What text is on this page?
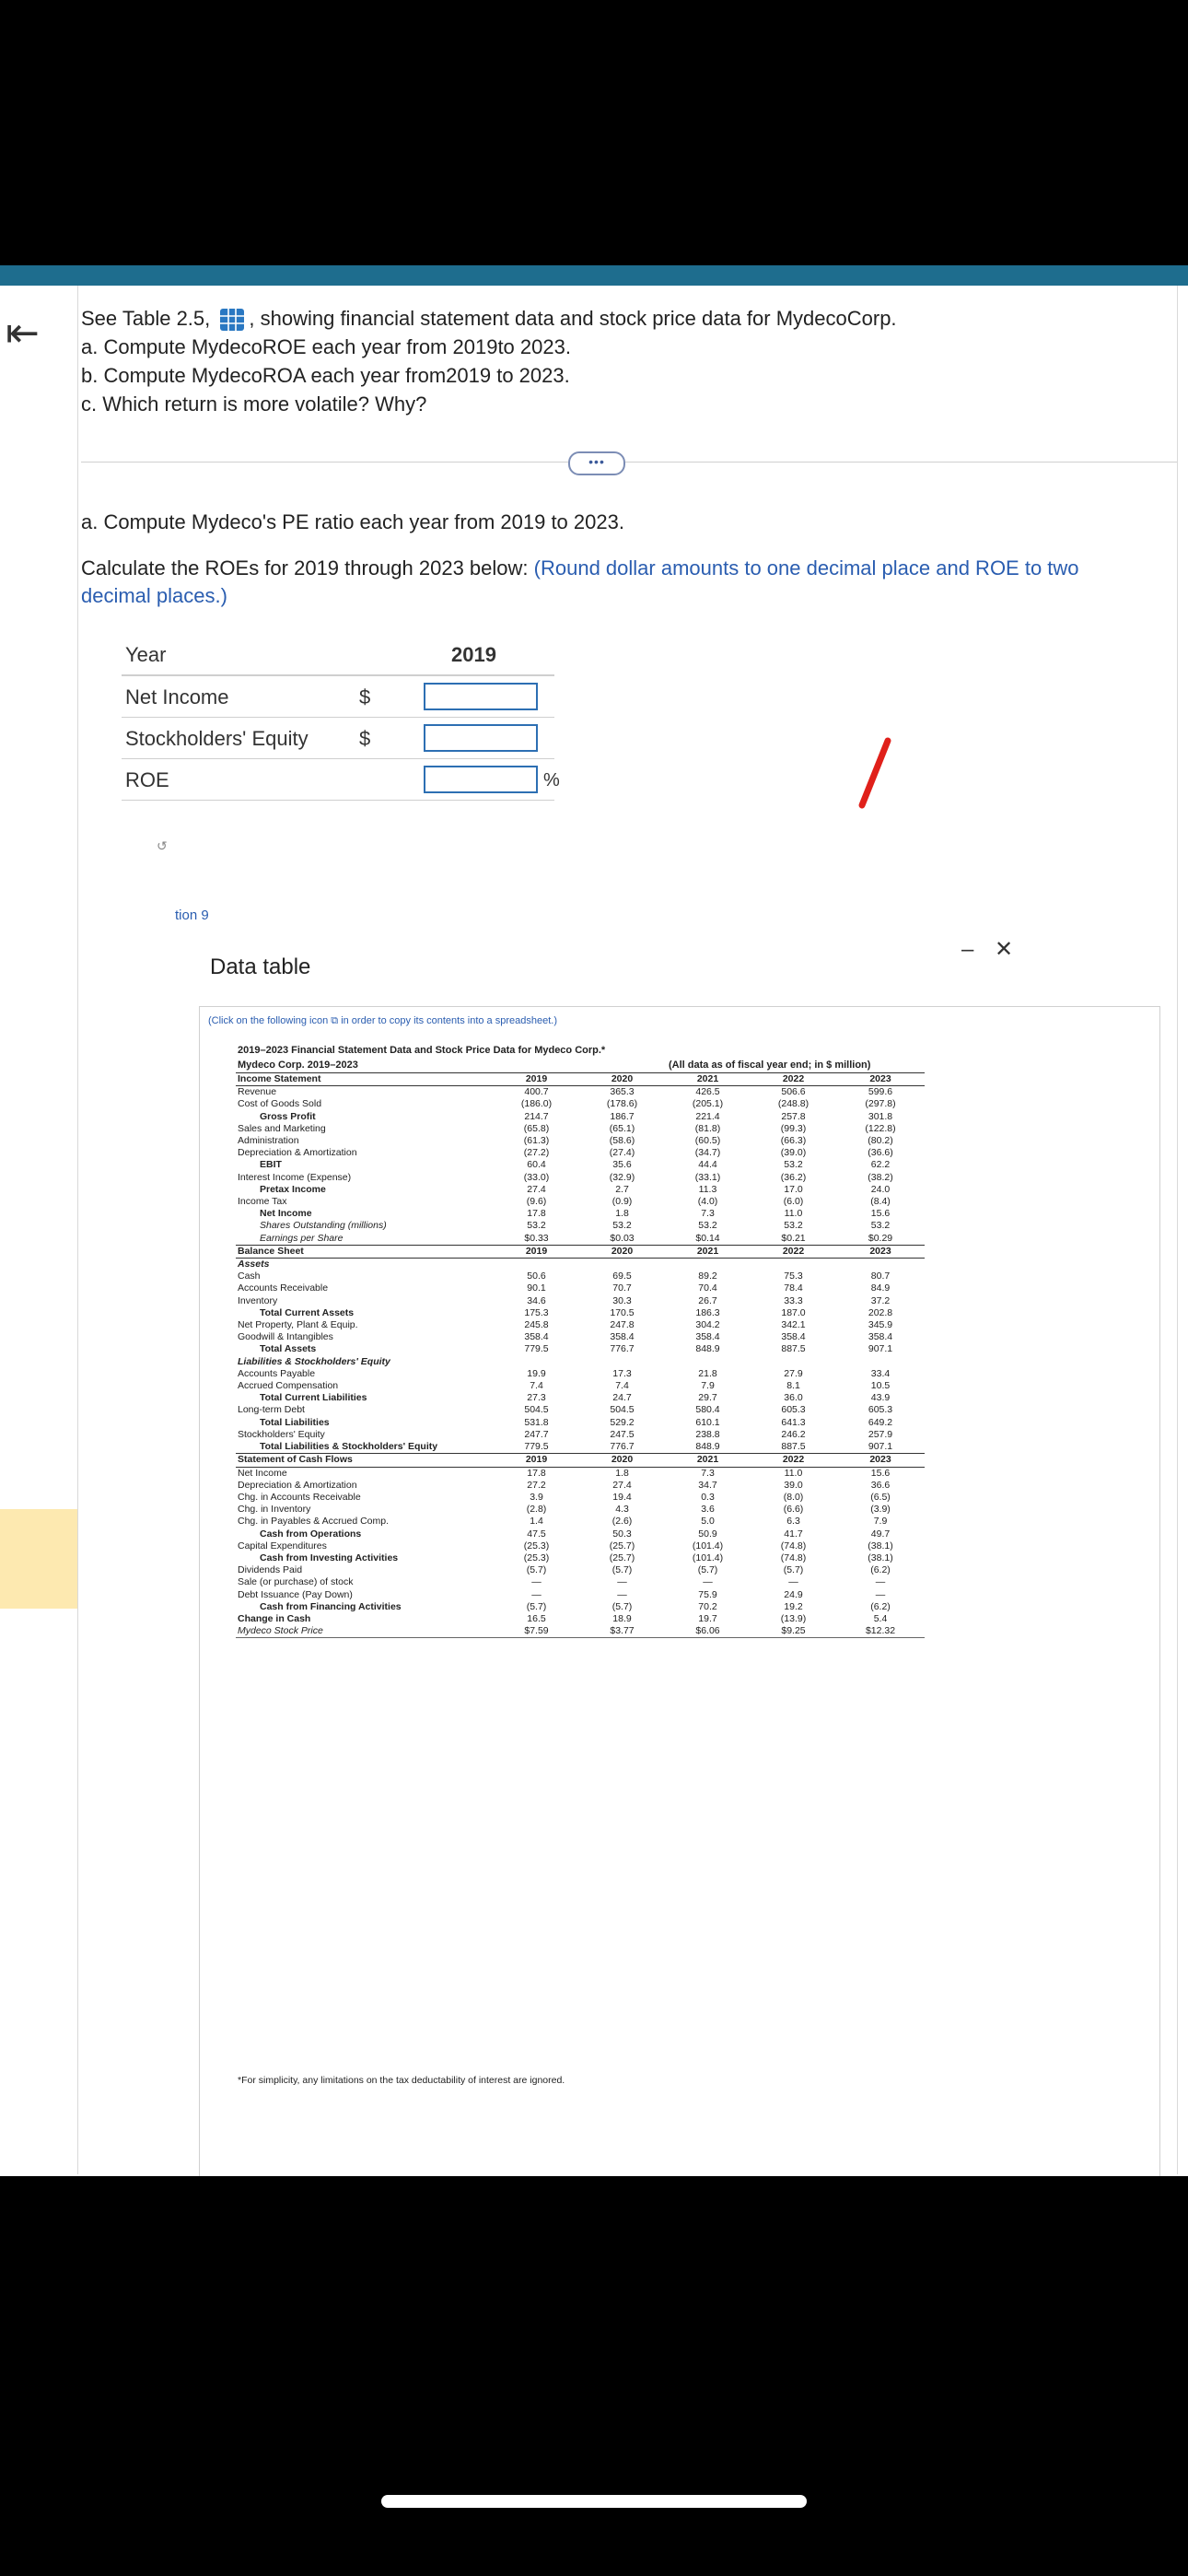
⇤ See Table 2.5, , showing financial statement data and stock price data for MydecoCorp.
a. Compute MydecoROE each year from 2019to 2023.
b. Compute MydecoROA each year from2019 to 2023.
c. Which return is more volatile? Why?
•••
a. Compute Mydeco's PE ratio each year from 2019 to 2023.
Calculate the ROEs for 2019 through 2023 below: (Round dollar amounts to one decimal place and ROE to two decimal places.)
Year	2019
Net Income	$
Stockholders' Equity	$
ROE	%
↺
tion 9
Data table
– ✕
(Click on the following icon ⧉ in order to copy its contents into a spreadsheet.)
2019–2023 Financial Statement Data and Stock Price Data for Mydeco Corp.*
Mydeco Corp. 2019–2023	(All data as of fiscal year end; in $ million)
Income Statement	2019	2020	2021	2022	2023
Revenue	400.7	365.3	426.5	506.6	599.6
Cost of Goods Sold	(186.0)	(178.6)	(205.1)	(248.8)	(297.8)
Gross Profit	214.7	186.7	221.4	257.8	301.8
Sales and Marketing	(65.8)	(65.1)	(81.8)	(99.3)	(122.8)
Administration	(61.3)	(58.6)	(60.5)	(66.3)	(80.2)
Depreciation & Amortization	(27.2)	(27.4)	(34.7)	(39.0)	(36.6)
EBIT	60.4	35.6	44.4	53.2	62.2
Interest Income (Expense)	(33.0)	(32.9)	(33.1)	(36.2)	(38.2)
Pretax Income	27.4	2.7	11.3	17.0	24.0
Income Tax	(9.6)	(0.9)	(4.0)	(6.0)	(8.4)
Net Income	17.8	1.8	7.3	11.0	15.6
Shares Outstanding (millions)	53.2	53.2	53.2	53.2	53.2
Earnings per Share	$0.33	$0.03	$0.14	$0.21	$0.29
Balance Sheet	2019	2020	2021	2022	2023
Assets					
Cash	50.6	69.5	89.2	75.3	80.7
Accounts Receivable	90.1	70.7	70.4	78.4	84.9
Inventory	34.6	30.3	26.7	33.3	37.2
Total Current Assets	175.3	170.5	186.3	187.0	202.8
Net Property, Plant & Equip.	245.8	247.8	304.2	342.1	345.9
Goodwill & Intangibles	358.4	358.4	358.4	358.4	358.4
Total Assets	779.5	776.7	848.9	887.5	907.1
Liabilities & Stockholders' Equity					
Accounts Payable	19.9	17.3	21.8	27.9	33.4
Accrued Compensation	7.4	7.4	7.9	8.1	10.5
Total Current Liabilities	27.3	24.7	29.7	36.0	43.9
Long-term Debt	504.5	504.5	580.4	605.3	605.3
Total Liabilities	531.8	529.2	610.1	641.3	649.2
Stockholders' Equity	247.7	247.5	238.8	246.2	257.9
Total Liabilities & Stockholders' Equity	779.5	776.7	848.9	887.5	907.1
Statement of Cash Flows	2019	2020	2021	2022	2023
Net Income	17.8	1.8	7.3	11.0	15.6
Depreciation & Amortization	27.2	27.4	34.7	39.0	36.6
Chg. in Accounts Receivable	3.9	19.4	0.3	(8.0)	(6.5)
Chg. in Inventory	(2.8)	4.3	3.6	(6.6)	(3.9)
Chg. in Payables & Accrued Comp.	1.4	(2.6)	5.0	6.3	7.9
Cash from Operations	47.5	50.3	50.9	41.7	49.7
Capital Expenditures	(25.3)	(25.7)	(101.4)	(74.8)	(38.1)
Cash from Investing Activities	(25.3)	(25.7)	(101.4)	(74.8)	(38.1)
Dividends Paid	(5.7)	(5.7)	(5.7)	(5.7)	(6.2)
Sale (or purchase) of stock	—	—	—	—	—
Debt Issuance (Pay Down)	—	—	75.9	24.9	—
Cash from Financing Activities	(5.7)	(5.7)	70.2	19.2	(6.2)
Change in Cash	16.5	18.9	19.7	(13.9)	5.4
Mydeco Stock Price	$7.59	$3.77	$6.06	$9.25	$12.32
*For simplicity, any limitations on the tax deductability of interest are ignored.
